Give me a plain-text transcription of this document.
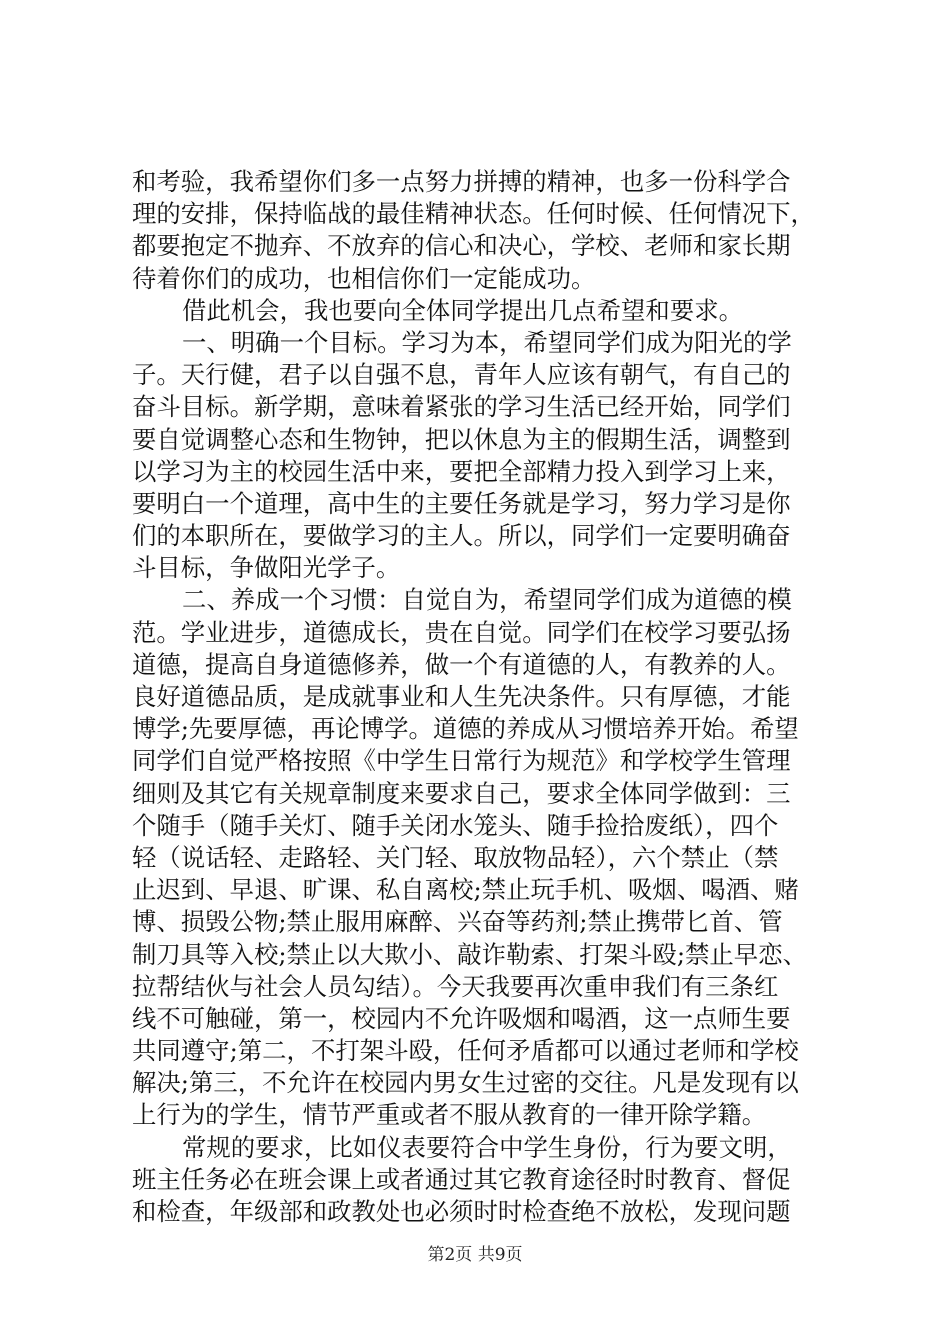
和考验，我希望你们多一点努力拼搏的精神，也多一份科学合
理的安排，保持临战的最佳精神状态。任何时候、任何情况下，
都要抱定不抛弃、不放弃的信心和决心，学校、老师和家长期
待着你们的成功，也相信你们一定能成功。
借此机会，我也要向全体同学提出几点希望和要求。
一、明确一个目标。学习为本，希望同学们成为阳光的学
子。天行健，君子以自强不息，青年人应该有朝气，有自己的
奋斗目标。新学期，意味着紧张的学习生活已经开始，同学们
要自觉调整心态和生物钟，把以休息为主的假期生活，调整到
以学习为主的校园生活中来，要把全部精力投入到学习上来，
要明白一个道理，高中生的主要任务就是学习，努力学习是你
们的本职所在，要做学习的主人。所以，同学们一定要明确奋
斗目标，争做阳光学子。
二、养成一个习惯：自觉自为，希望同学们成为道德的模
范。学业进步，道德成长，贵在自觉。同学们在校学习要弘扬
道德，提高自身道德修养，做一个有道德的人，有教养的人。
良好道德品质，是成就事业和人生先决条件。只有厚德，才能
博学;先要厚德，再论博学。道德的养成从习惯培养开始。希望
同学们自觉严格按照《中学生日常行为规范》和学校学生管理
细则及其它有关规章制度来要求自己，要求全体同学做到：三
个随手（随手关灯、随手关闭水笼头、随手捡拾废纸），四个
轻（说话轻、走路轻、关门轻、取放物品轻），六个禁止（禁
止迟到、早退、旷课、私自离校;禁止玩手机、吸烟、喝酒、赌
博、损毁公物;禁止服用麻醉、兴奋等药剂;禁止携带匕首、管
制刀具等入校;禁止以大欺小、敲诈勒索、打架斗殴;禁止早恋、
拉帮结伙与社会人员勾结）。今天我要再次重申我们有三条红
线不可触碰，第一，校园内不允许吸烟和喝酒，这一点师生要
共同遵守;第二，不打架斗殴，任何矛盾都可以通过老师和学校
解决;第三，不允许在校园内男女生过密的交往。凡是发现有以
上行为的学生，情节严重或者不服从教育的一律开除学籍。
常规的要求，比如仪表要符合中学生身份，行为要文明，
班主任务必在班会课上或者通过其它教育途径时时教育、督促
和检查，年级部和政教处也必须时时检查绝不放松，发现问题
第2页 共9页
